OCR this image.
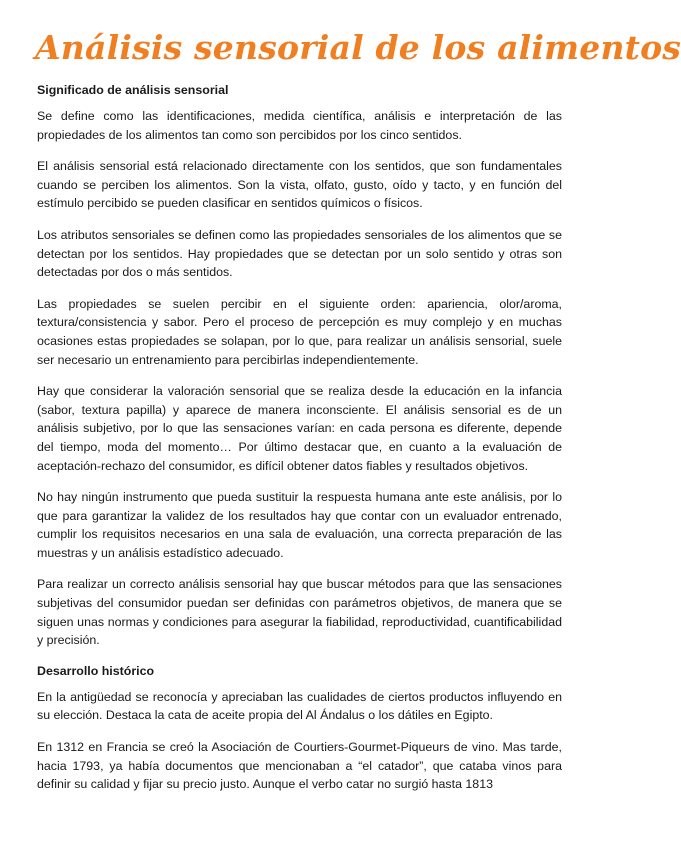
Análisis sensorial de los alimentos
Significado de análisis sensorial

Se define como las identificaciones, medida científica, análisis e interpretación de las propiedades de los alimentos tan como son percibidos por los cinco sentidos.

El análisis sensorial está relacionado directamente con los sentidos, que son fundamentales cuando se perciben los alimentos. Son la vista, olfato, gusto, oído y tacto, y en función del estímulo percibido se pueden clasificar en sentidos químicos o físicos.

Los atributos sensoriales se definen como las propiedades sensoriales de los alimentos que se detectan por los sentidos. Hay propiedades que se detectan por un solo sentido y otras son detectadas por dos o más sentidos.

Las propiedades se suelen percibir en el siguiente orden: apariencia, olor/aroma, textura/consistencia y sabor. Pero el proceso de percepción es muy complejo y en muchas ocasiones estas propiedades se solapan, por lo que, para realizar un análisis sensorial, suele ser necesario un entrenamiento para percibirlas independientemente.

Hay que considerar la valoración sensorial que se realiza desde la educación en la infancia (sabor, textura papilla) y aparece de manera inconsciente. El análisis sensorial es de un análisis subjetivo, por lo que las sensaciones varían: en cada persona es diferente, depende del tiempo, moda del momento… Por último destacar que, en cuanto a la evaluación de aceptación-rechazo del consumidor, es difícil obtener datos fiables y resultados objetivos.

No hay ningún instrumento que pueda sustituir la respuesta humana ante este análisis, por lo que para garantizar la validez de los resultados hay que contar con un evaluador entrenado, cumplir los requisitos necesarios en una sala de evaluación, una correcta preparación de las muestras y un análisis estadístico adecuado.

Para realizar un correcto análisis sensorial hay que buscar métodos para que las sensaciones subjetivas del consumidor puedan ser definidas con parámetros objetivos, de manera que se siguen unas normas y condiciones para asegurar la fiabilidad, reproductividad, cuantificabilidad y precisión.

Desarrollo histórico

En la antigüedad se reconocía y apreciaban las cualidades de ciertos productos influyendo en su elección. Destaca la cata de aceite propia del Al Ándalus o los dátiles en Egipto.

En 1312 en Francia se creó la Asociación de Courtiers-Gourmet-Piqueurs de vino. Mas tarde, hacia 1793, ya había documentos que mencionaban a “el catador”, que cataba vinos para definir su calidad y fijar su precio justo. Aunque el verbo catar no surgió hasta 1813
